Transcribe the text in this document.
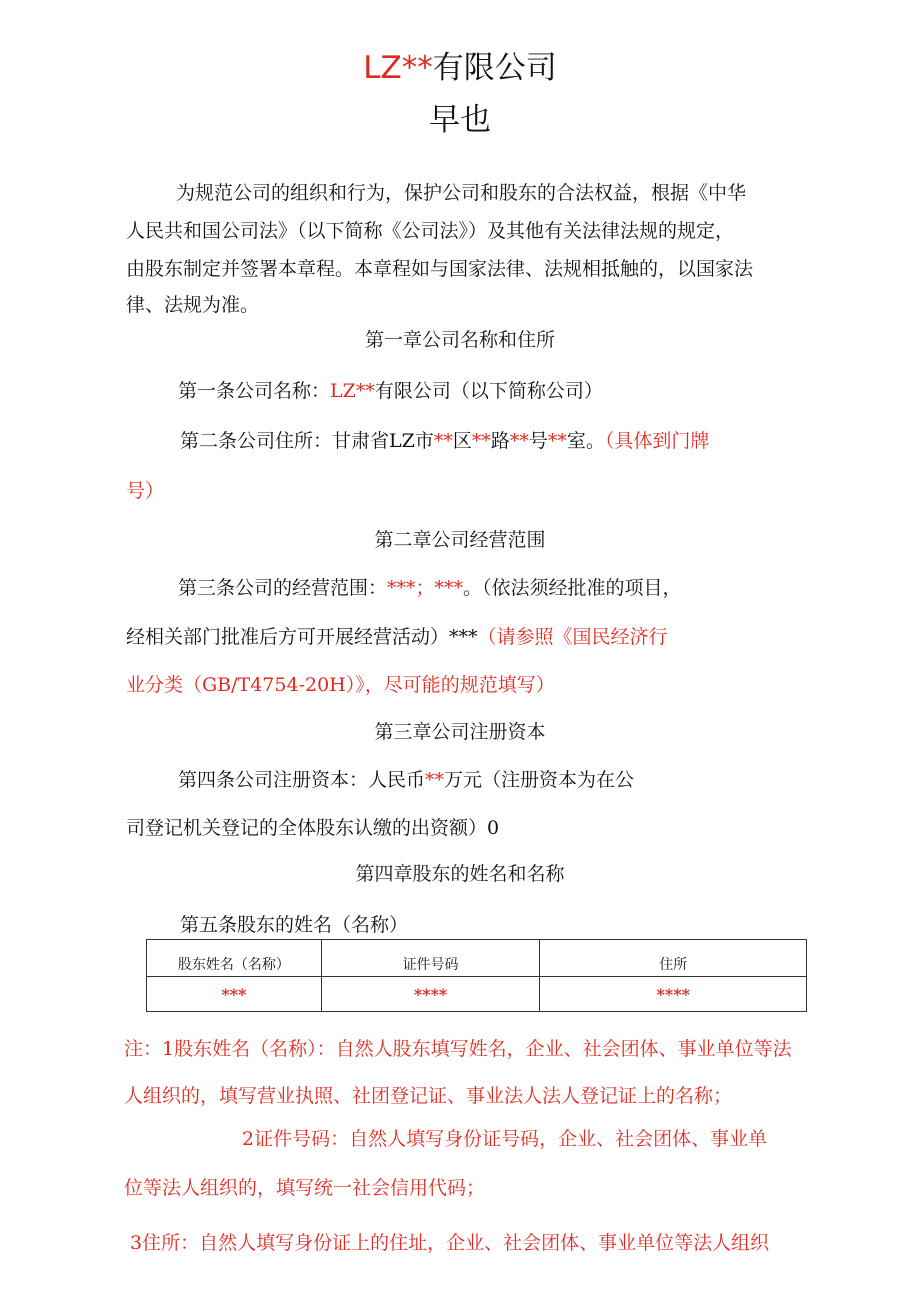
LZ**有限公司
早也
为规范公司的组织和行为，保护公司和股东的合法权益，根据《中华
人民共和国公司法》（以下简称《公司法》）及其他有关法律法规的规定，
由股东制定并签署本章程。本章程如与国家法律、法规相抵触的，以国家法
律、法规为准。
第一章公司名称和住所
第一条公司名称：LZ**有限公司（以下简称公司）
第二条公司住所：甘肃省LZ市**区**路**号**室。（具体到门牌
号）
第二章公司经营范围
第三条公司的经营范围：***；***。（依法须经批准的项目，
经相关部门批准后方可开展经营活动）***（请参照《国民经济行
业分类（GB/T4754-20H）》，尽可能的规范填写）
第三章公司注册资本
第四条公司注册资本：人民币**万元（注册资本为在公
司登记机关登记的全体股东认缴的出资额）0
第四章股东的姓名和名称
第五条股东的姓名（名称）
股东姓名（名称）	证件号码	住所
***	****	****
注：1股东姓名（名称）：自然人股东填写姓名，企业、社会团体、事业单位等法
人组织的，填写营业执照、社团登记证、事业法人法人登记证上的名称；
2证件号码：自然人填写身份证号码，企业、社会团体、事业单
位等法人组织的，填写统一社会信用代码；
3住所：自然人填写身份证上的住址，企业、社会团体、事业单位等法人组织
